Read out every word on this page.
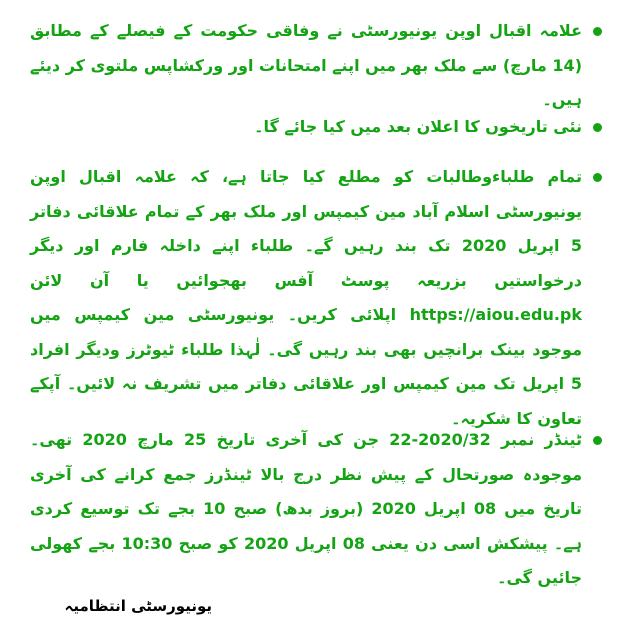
علامہ اقبال اوپن یونیورسٹی نے وفاقی حکومت کے فیصلے کے مطابق (14 مارچ) سے ملک بھر میں اپنے امتحانات اور ورکشاپس ملتوی کر دیئے ہیں۔
نئی تاریخوں کا اعلان بعد میں کیا جائے گا۔
تمام طلباءوطالبات کو مطلع کیا جاتا ہے، کہ علامہ اقبال اوپن یونیورسٹی اسلام آباد مین کیمپس اور ملک بھر کے تمام علاقائی دفاتر 5 اپریل 2020 تک بند رہیں گے۔ طلباء اپنے داخلہ فارم اور دیگر درخواستیں بزریعہ پوسٹ آفس بھجوائیں یا آن لائن https://aiou.edu.pk اپلائی کریں۔ یونیورسٹی مین کیمپس میں موجود بینک برانچیں بھی بند رہیں گی۔ لٰہذا طلباء ٹیوٹرز ودیگر افراد 5 اپریل تک مین کیمپس اور علاقائی دفاتر میں تشریف نہ لائیں۔ آپکے تعاون کا شکریہ۔
ٹینڈر نمبر 2020/32-22 جن کی آخری تاریخ 25 مارچ 2020 تھی۔ موجودہ صورتحال کے پیش نظر درج بالا ٹینڈرز جمع کرانے کی آخری تاریخ میں 08 اپریل 2020 (بروز بدھ) صبح 10 بجے تک توسیع کردی ہے۔ پیشکش اسی دن یعنی 08 اپریل 2020 کو صبح 10:30 بجے کھولی جائیں گی۔
یونیورسٹی انتظامیہ
